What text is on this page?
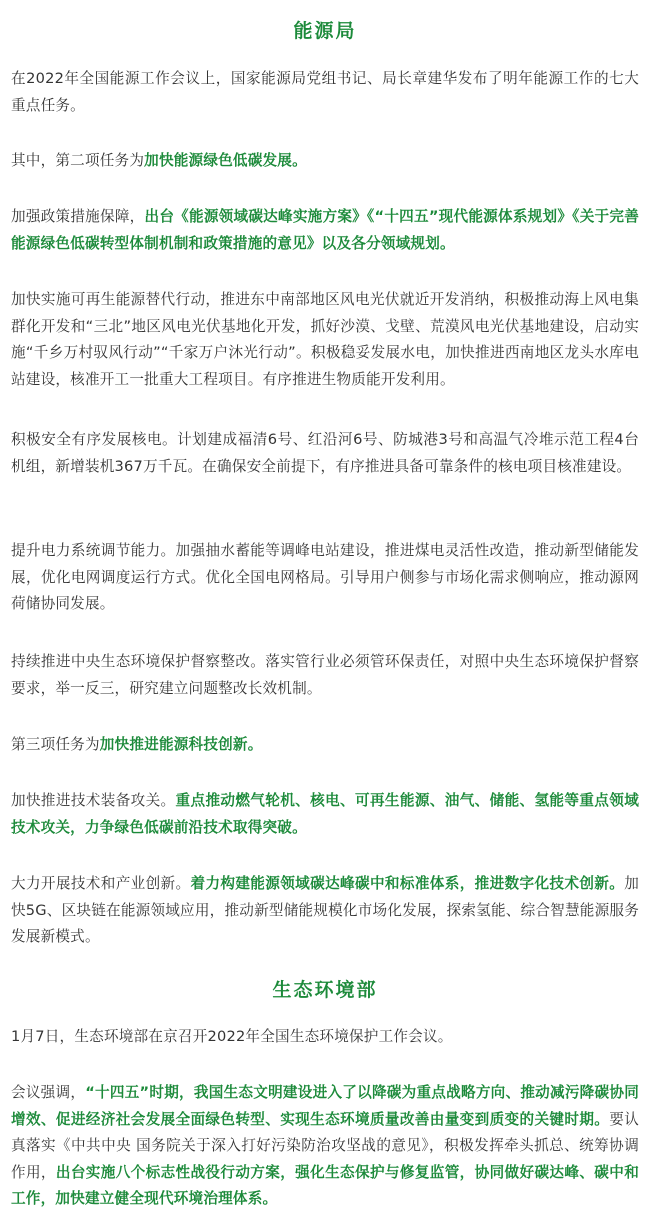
能源局
在2022年全国能源工作会议上，国家能源局党组书记、局长章建华发布了明年能源工作的七大重点任务。
其中，第二项任务为加快能源绿色低碳发展。
加强政策措施保障，出台《能源领域碳达峰实施方案》《“十四五”现代能源体系规划》《关于完善能源绿色低碳转型体制机制和政策措施的意见》以及各分领域规划。
加快实施可再生能源替代行动，推进东中南部地区风电光伏就近开发消纳，积极推动海上风电集群化开发和“三北”地区风电光伏基地化开发，抓好沙漠、戈壁、荒漠风电光伏基地建设，启动实施“千乡万村驭风行动”“千家万户沐光行动”。积极稳妥发展水电，加快推进西南地区龙头水库电站建设，核准开工一批重大工程项目。有序推进生物质能开发利用。
积极安全有序发展核电。计划建成福清6号、红沿河6号、防城港3号和高温气冷堆示范工程4台机组，新增装机367万千瓦。在确保安全前提下，有序推进具备可靠条件的核电项目核准建设。
提升电力系统调节能力。加强抽水蓄能等调峰电站建设，推进煤电灵活性改造，推动新型储能发展，优化电网调度运行方式。优化全国电网格局。引导用户侧参与市场化需求侧响应，推动源网荷储协同发展。
持续推进中央生态环境保护督察整改。落实管行业必须管环保责任，对照中央生态环境保护督察要求，举一反三，研究建立问题整改长效机制。
第三项任务为加快推进能源科技创新。
加快推进技术装备攻关。重点推动燃气轮机、核电、可再生能源、油气、储能、氢能等重点领域技术攻关，力争绿色低碳前沿技术取得突破。
大力开展技术和产业创新。着力构建能源领域碳达峰碳中和标准体系，推进数字化技术创新。加快5G、区块链在能源领域应用，推动新型储能规模化市场化发展，探索氢能、综合智慧能源服务发展新模式。
生态环境部
1月7日，生态环境部在京召开2022年全国生态环境保护工作会议。
会议强调，“十四五”时期，我国生态文明建设进入了以降碳为重点战略方向、推动减污降碳协同增效、促进经济社会发展全面绿色转型、实现生态环境质量改善由量变到质变的关键时期。要认真落实《中共中央 国务院关于深入打好污染防治攻坚战的意见》，积极发挥牵头抓总、统筹协调作用，出台实施八个标志性战役行动方案，强化生态保护与修复监管，协同做好碳达峰、碳中和工作，加快建立健全现代环境治理体系。
